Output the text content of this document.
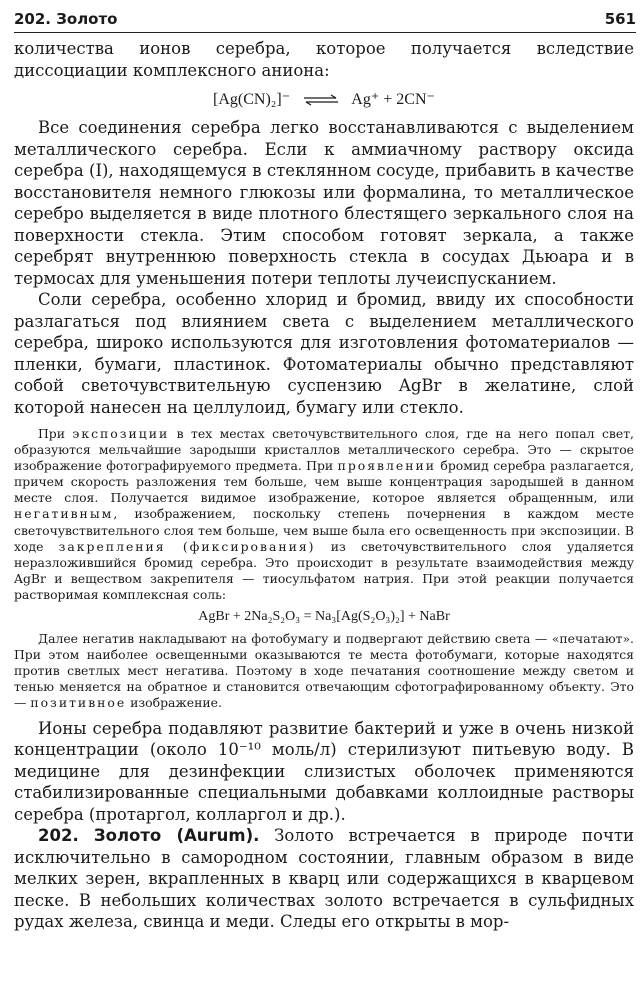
202. Золото	561

количества ионов серебра, которое получается вследствие диссоциации комплексного аниона:

[Ag(CN)₂]⁻ ⇌ Ag⁺ + 2CN⁻

Все соединения серебра легко восстанавливаются с выделением металлического серебра. Если к аммиачному раствору оксида серебра (I), находящемуся в стеклянном сосуде, прибавить в качестве восстановителя немного глюкозы или формалина, то металлическое серебро выделяется в виде плотного блестящего зеркального слоя на поверхности стекла. Этим способом готовят зеркала, а также серебрят внутреннюю поверхность стекла в сосудах Дьюара и в термосах для уменьшения потери теплоты лучеиспусканием.

Соли серебра, особенно хлорид и бромид, ввиду их способности разлагаться под влиянием света с выделением металлического серебра, широко используются для изготовления фотоматериалов — пленки, бумаги, пластинок. Фотоматериалы обычно представляют собой светочувствительную суспензию AgBr в желатине, слой которой нанесен на целлулоид, бумагу или стекло.

При экспозиции в тех местах светочувствительного слоя, где на него попал свет, образуются мельчайшие зародыши кристаллов металлического серебра. Это — скрытое изображение фотографируемого предмета. При проявлении бромид серебра разлагается, причем скорость разложения тем больше, чем выше концентрация зародышей в данном месте слоя. Получается видимое изображение, которое является обращенным, или негативным, изображением, поскольку степень почернения в каждом месте светочувствительного слоя тем больше, чем выше была его освещенность при экспозиции. В ходе закрепления (фиксирования) из светочувствительного слоя удаляется неразложившийся бромид серебра. Это происходит в результате взаимодействия между AgBr и веществом закрепителя — тиосульфатом натрия. При этой реакции получается растворимая комплексная соль:

AgBr + 2Na₂S₂O₃ = Na₃[Ag(S₂O₃)₂] + NaBr

Далее негатив накладывают на фотобумагу и подвергают действию света — «печатают». При этом наиболее освещенными оказываются те места фотобумаги, которые находятся против светлых мест негатива. Поэтому в ходе печатания соотношение между светом и тенью меняется на обратное и становится отвечающим сфотографированному объекту. Это — позитивное изображение.

Ионы серебра подавляют развитие бактерий и уже в очень низкой концентрации (около 10⁻¹⁰ моль/л) стерилизуют питьевую воду. В медицине для дезинфекции слизистых оболочек применяются стабилизированные специальными добавками коллоидные растворы серебра (протаргол, колларгол и др.).

202. Золото (Aurum). Золото встречается в природе почти исключительно в самородном состоянии, главным образом в виде мелких зерен, вкрапленных в кварц или содержащихся в кварцевом песке. В небольших количествах золото встречается в сульфидных рудах железа, свинца и меди. Следы его открыты в мор-
